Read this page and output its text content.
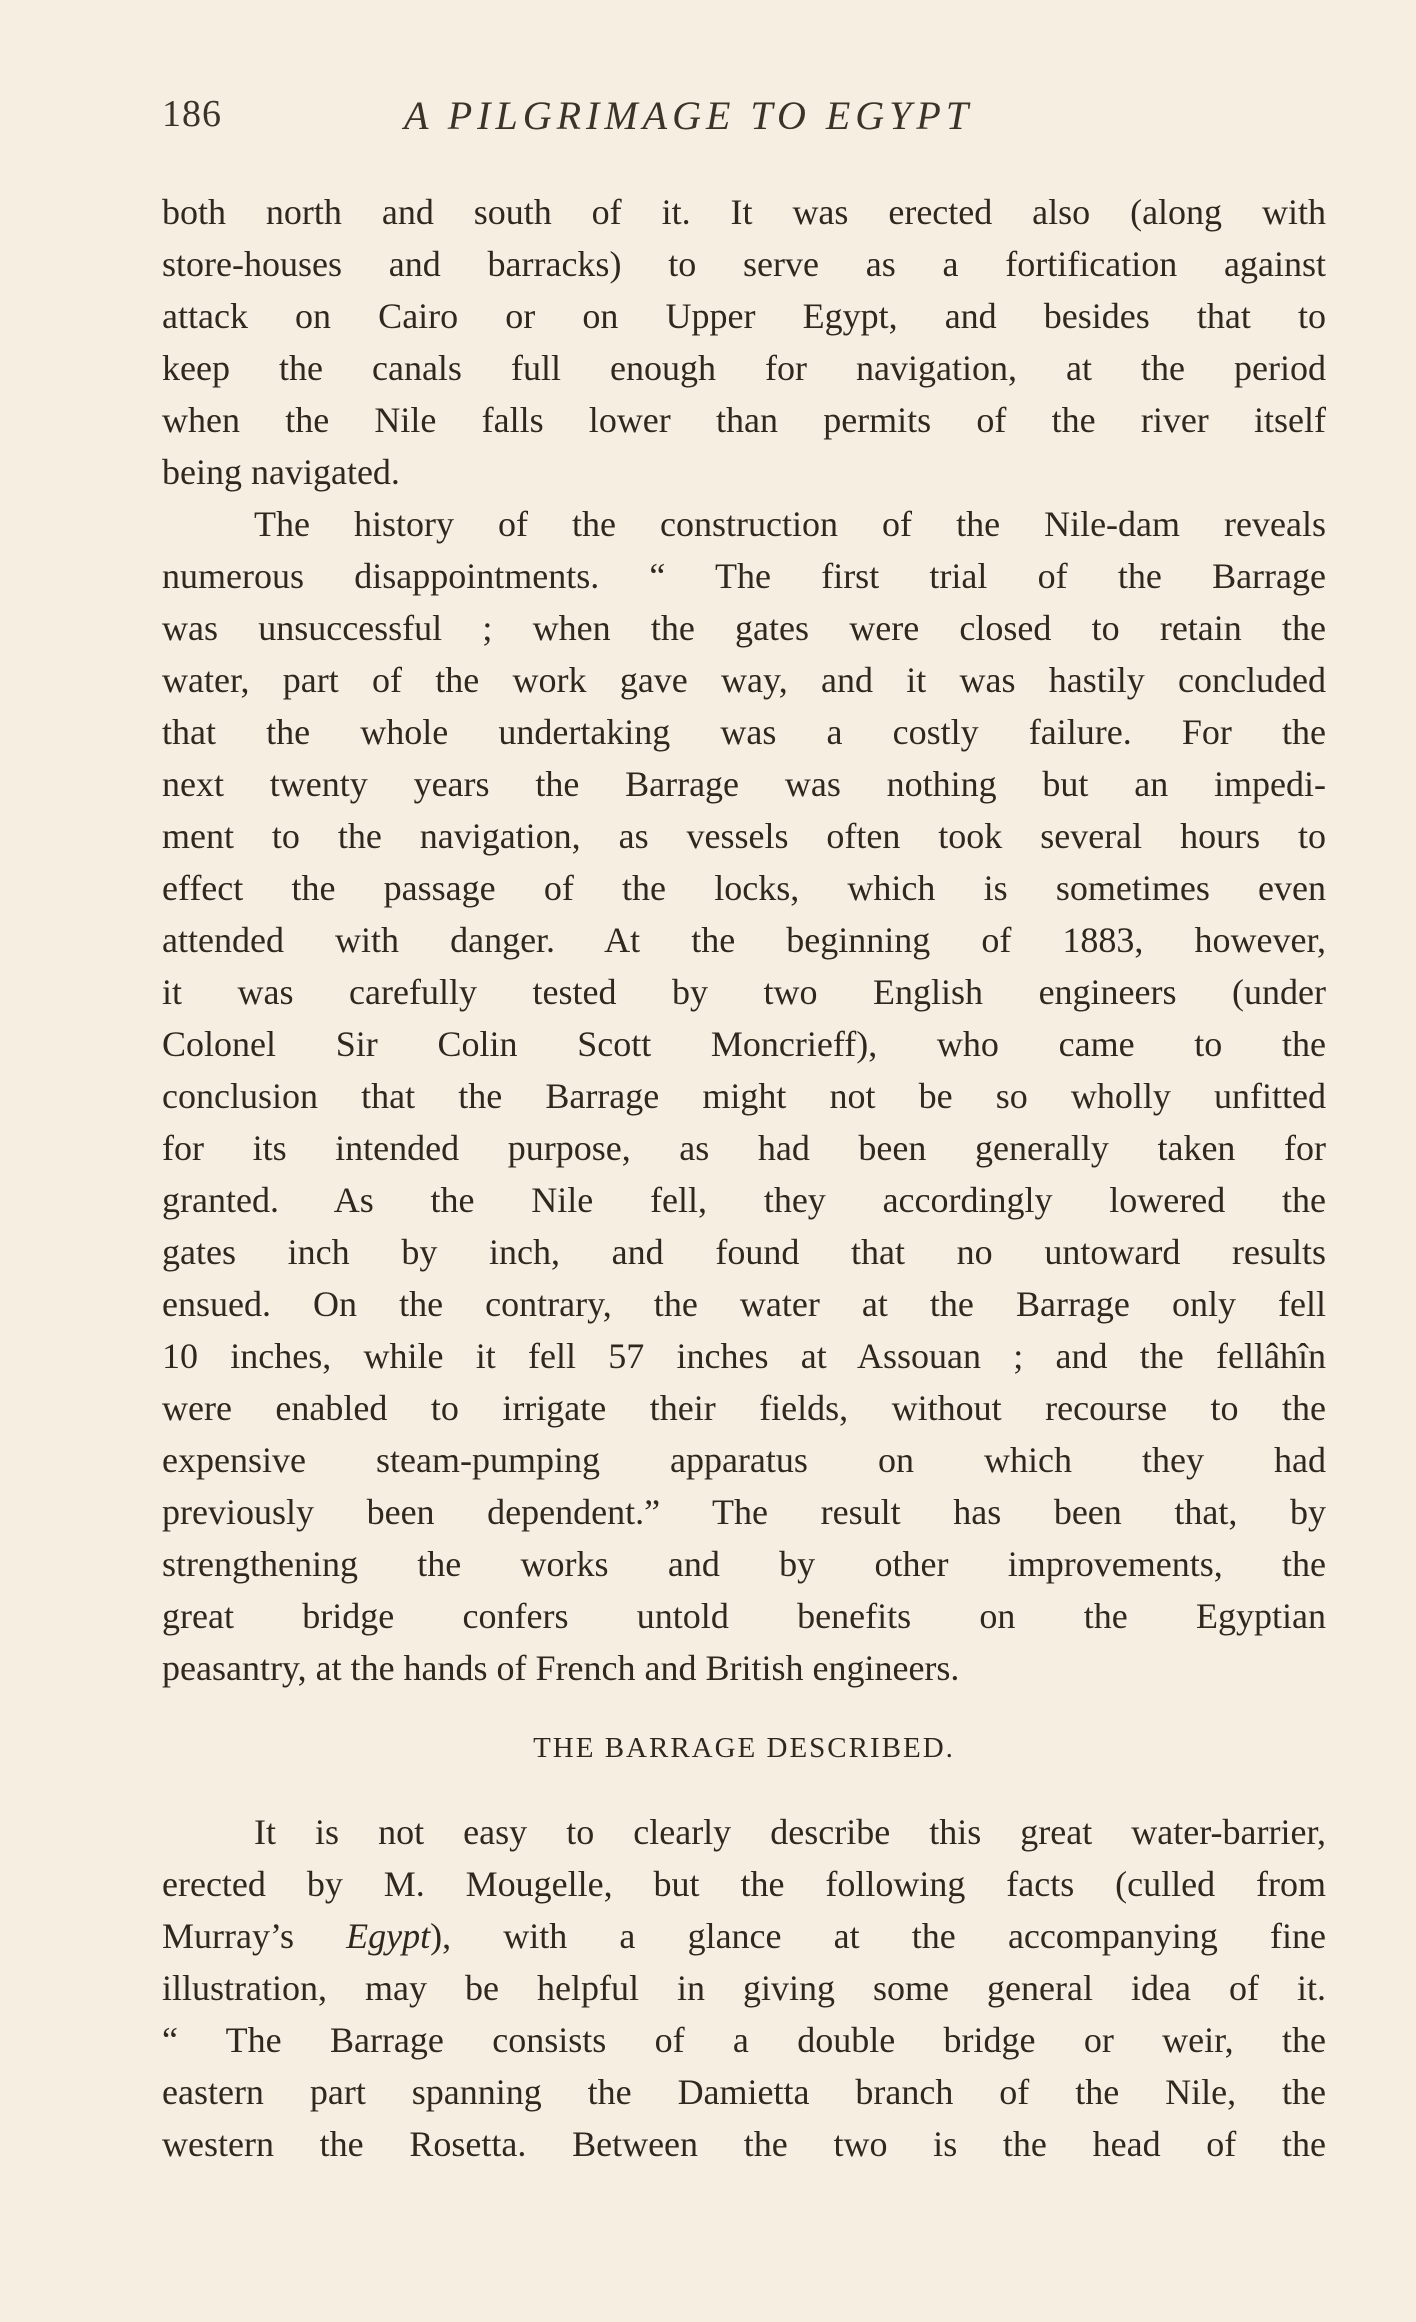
186	A PILGRIMAGE TO EGYPT
both north and south of it. It was erected also (along with
store-houses and barracks) to serve as a fortification against
attack on Cairo or on Upper Egypt, and besides that to
keep the canals full enough for navigation, at the period
when the Nile falls lower than permits of the river itself
being navigated.
The history of the construction of the Nile-dam reveals
numerous disappointments. “ The first trial of the Barrage
was unsuccessful ; when the gates were closed to retain the
water, part of the work gave way, and it was hastily concluded
that the whole undertaking was a costly failure. For the
next twenty years the Barrage was nothing but an impedi-
ment to the navigation, as vessels often took several hours to
effect the passage of the locks, which is sometimes even
attended with danger. At the beginning of 1883, however,
it was carefully tested by two English engineers (under
Colonel Sir Colin Scott Moncrieff), who came to the
conclusion that the Barrage might not be so wholly unfitted
for its intended purpose, as had been generally taken for
granted. As the Nile fell, they accordingly lowered the
gates inch by inch, and found that no untoward results
ensued. On the contrary, the water at the Barrage only fell
10 inches, while it fell 57 inches at Assouan ; and the fellâhîn
were enabled to irrigate their fields, without recourse to the
expensive steam-pumping apparatus on which they had
previously been dependent.” The result has been that, by
strengthening the works and by other improvements, the
great bridge confers untold benefits on the Egyptian
peasantry, at the hands of French and British engineers.
THE BARRAGE DESCRIBED.
It is not easy to clearly describe this great water-barrier,
erected by M. Mougelle, but the following facts (culled from
Murray’s Egypt), with a glance at the accompanying fine
illustration, may be helpful in giving some general idea of it.
“ The Barrage consists of a double bridge or weir, the
eastern part spanning the Damietta branch of the Nile, the
western the Rosetta. Between the two is the head of the
